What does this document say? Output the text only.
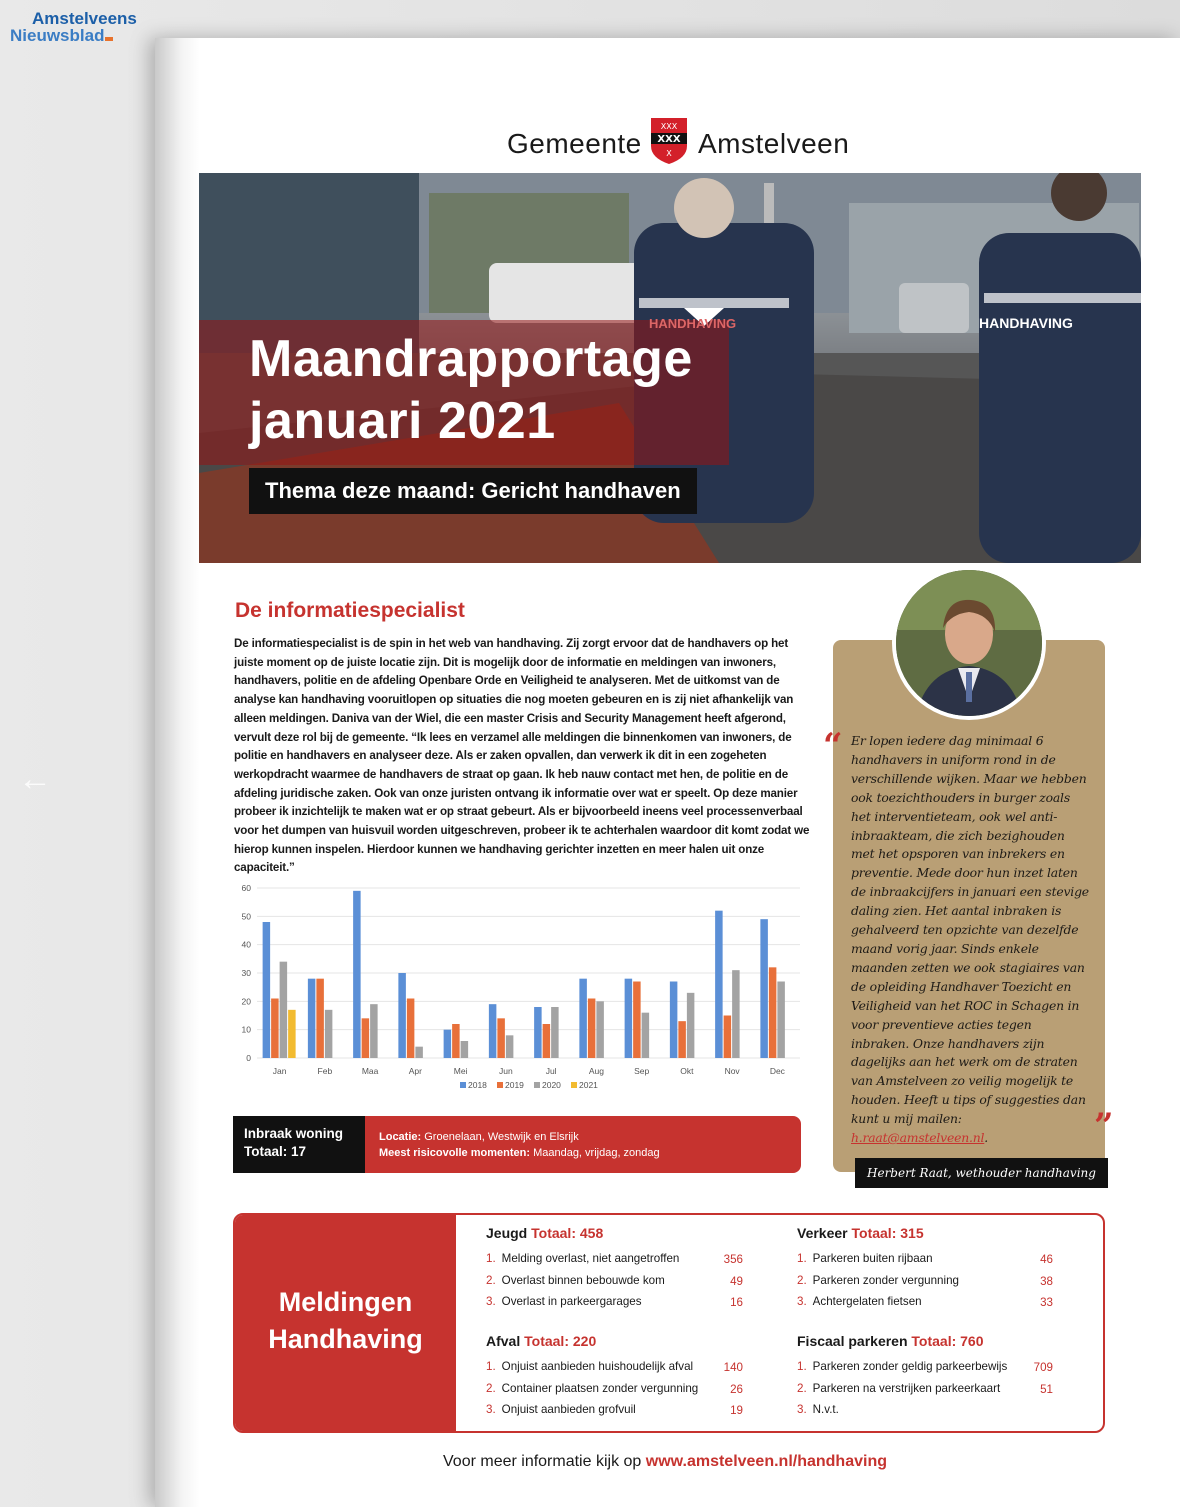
Amstelveens
Nieuwsblad
←
Gemeente XXX
XXX
X Amstelveen
HANDHAVING
HANDHAVING
Maandrapportage
januari 2021
Thema deze maand: Gericht handhaven
De informatiespecialist
De informatiespecialist is de spin in het web van handhaving. Zij zorgt ervoor dat de handhavers op het juiste moment op de juiste locatie zijn. Dit is mogelijk door de informatie en meldingen van inwoners, handhavers, politie en de afdeling Openbare Orde en Veiligheid te analyseren. Met de uitkomst van de analyse kan handhaving vooruitlopen op situaties die nog moeten gebeuren en is zij niet afhankelijk van alleen meldingen. Daniva van der Wiel, die een master Crisis and Security Management heeft afgerond, vervult deze rol bij de gemeente. “Ik lees en verzamel alle meldingen die binnenkomen van inwoners, de politie en handhavers en analyseer deze. Als er zaken opvallen, dan verwerk ik dit in een zogeheten werkopdracht waarmee de handhavers de straat op gaan. Ik heb nauw contact met hen, de politie en de afdeling juridische zaken. Ook van onze juristen ontvang ik informatie over wat er speelt. Op deze manier probeer ik inzichtelijk te maken wat er op straat gebeurt. Als er bijvoorbeeld ineens veel processenverbaal voor het dumpen van huisvuil worden uitgeschreven, probeer ik te achterhalen waardoor dit komt zodat we hierop kunnen inspelen. Hierdoor kunnen we handhaving gerichter inzetten en meer halen uit onze capaciteit.”
0
10
20
30
40
50
60
Jan	Feb	Maa	Apr	Mei	Jun	Jul	Aug	Sep	Okt	Nov	Dec
2018 2019 2020 2021
Inbraak woning
Totaal: 17
Locatie: Groenelaan, Westwijk en Elsrijk
Meest risicovolle momenten: Maandag, vrijdag, zondag
“ Er lopen iedere dag minimaal 6 handhavers in uniform rond in de verschillende wijken. Maar we hebben ook toezichthouders in burger zoals het interventieteam, ook wel anti-inbraakteam, die zich bezighouden met het opsporen van inbrekers en preventie. Mede door hun inzet laten de inbraakcijfers in januari een stevige daling zien. Het aantal inbraken is gehalveerd ten opzichte van dezelfde maand vorig jaar. Sinds enkele maanden zetten we ook stagiaires van de opleiding Handhaver Toezicht en Veiligheid van het ROC in Schagen in voor preventieve acties tegen inbraken. Onze handhavers zijn dagelijks aan het werk om de straten van Amstelveen zo veilig mogelijk te houden. Heeft u tips of suggesties dan kunt u mij mailen:
h.raat@amstelveen.nl.	”
Herbert Raat, wethouder handhaving
Meldingen
Handhaving
Jeugd Totaal: 458
1. Melding overlast, niet aangetroffen	356
2. Overlast binnen bebouwde kom	49
3. Overlast in parkeergarages	16
Verkeer Totaal: 315
1. Parkeren buiten rijbaan	46
2. Parkeren zonder vergunning	38
3. Achtergelaten fietsen	33
Afval Totaal: 220
1. Onjuist aanbieden huishoudelijk afval	140
2. Container plaatsen zonder vergunning	26
3. Onjuist aanbieden grofvuil	19
Fiscaal parkeren Totaal: 760
1. Parkeren zonder geldig parkeerbewijs	709
2. Parkeren na verstrijken parkeerkaart	51
3. N.v.t.
Voor meer informatie kijk op www.amstelveen.nl/handhaving
